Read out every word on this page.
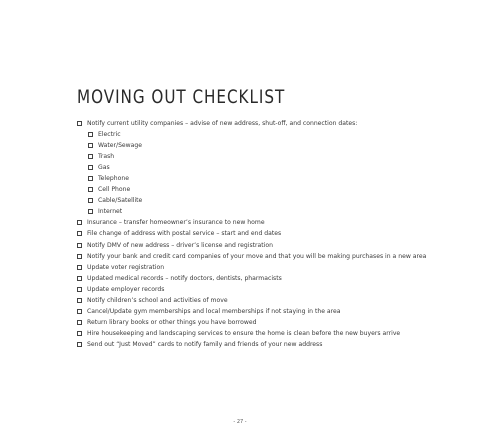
MOVING OUT CHECKLIST
Notify current utility companies – advise of new address, shut-off, and connection dates:
Electric
Water/Sewage
Trash
Gas
Telephone
Cell Phone
Cable/Satellite
Internet
Insurance – transfer homeowner’s insurance to new home
File change of address with postal service – start and end dates
Notify DMV of new address – driver’s license and registration
Notify your bank and credit card companies of your move and that you will be making purchases in a new area
Update voter registration
Updated medical records – notify doctors, dentists, pharmacists
Update employer records
Notify children’s school and activities of move
Cancel/Update gym memberships and local memberships if not staying in the area
Return library books or other things you have borrowed
Hire housekeeping and landscaping services to ensure the home is clean before the new buyers arrive
Send out “Just Moved” cards to notify family and friends of your new address
- 27 -
